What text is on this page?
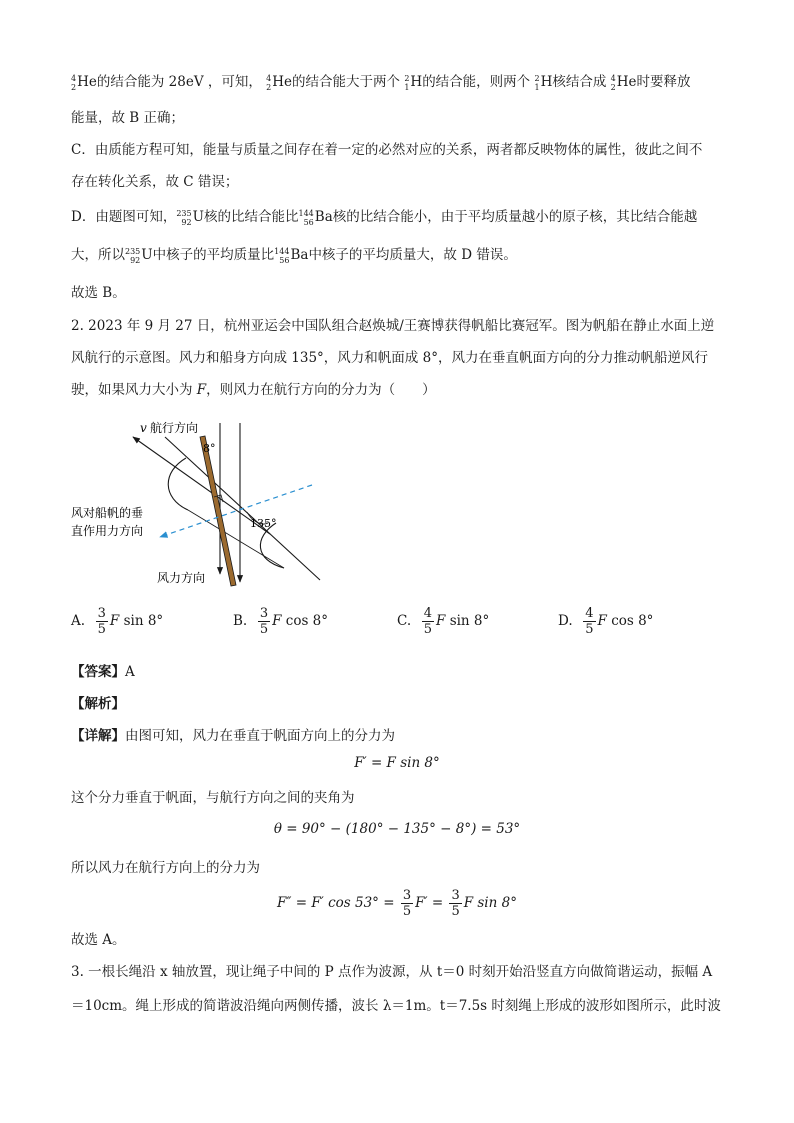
4
2 He的结合能为 28eV ，可知， 4
2 He的结合能大于两个 2
1 H的结合能，则两个 2
1 H核结合成 4
2 He时要释放
能量，故 B 正确；
C．由质能方程可知，能量与质量之间存在着一定的必然对应的关系，两者都反映物体的属性，彼此之间不
存在转化关系，故 C 错误；
D．由题图可知， 235
92 U核的比结合能比 144
56 Ba核的比结合能小，由于平均质量越小的原子核，其比结合能越
大，所以 235
92 U中核子的平均质量比 144
56 Ba中核子的平均质量大，故 D 错误。
故选 B。
2. 2023 年 9 月 27 日，杭州亚运会中国队组合赵焕城/王赛博获得帆船比赛冠军。图为帆船在静止水面上逆
风航行的示意图。风力和船身方向成 135°，风力和帆面成 8°，风力在垂直帆面方向的分力推动帆船逆风行
驶，如果风力大小为 F，则风力在航行方向的分力为（　　）
v 航行方向
8°
135°
风对船帆的垂
直作用力方向
风力方向
A. $\frac{3}{5}$ F sin 8°	B. $\frac{3}{5}$ F cos 8°	C. $\frac{4}{5}$ F sin 8°	D. $\frac{4}{5}$ F cos 8°
【答案】A
【解析】
【详解】由图可知，风力在垂直于帆面方向上的分力为
F′ = F sin 8°
这个分力垂直于帆面，与航行方向之间的夹角为
θ = 90° − (180° − 135° − 8°) = 53°
所以风力在航行方向上的分力为
F″ = F′ $\cos 53^\circ = \frac{3}{5} F' = \frac{3}{5}$ F sin 8°
故选 A。
3. 一根长绳沿 x 轴放置，现让绳子中间的 P 点作为波源，从 t＝0 时刻开始沿竖直方向做简谐运动，振幅 A
＝10cm。绳上形成的简谐波沿绳向两侧传播，波长 λ＝1m。t＝7.5s 时刻绳上形成的波形如图所示，此时波
